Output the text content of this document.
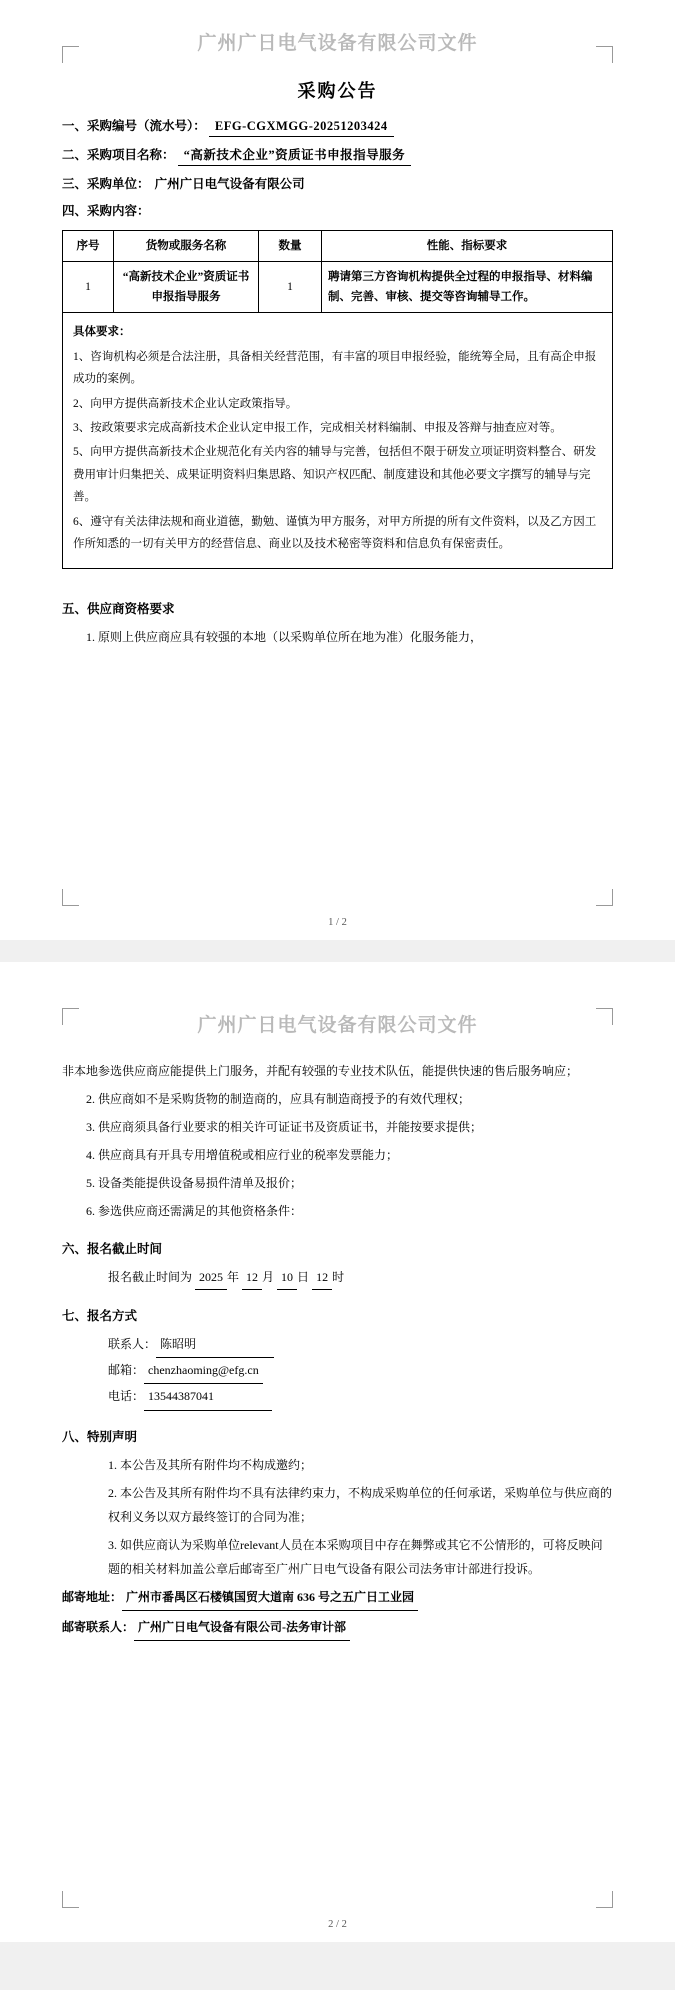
广州广日电气设备有限公司文件
采购公告
一、采购编号（流水号）： EFG-CGXMGG-20251203424
二、采购项目名称： “高新技术企业”资质证书申报指导服务
三、采购单位： 广州广日电气设备有限公司
四、采购内容：
序号	货物或服务名称	数量	性能、指标要求
1	“高新技术企业”资质证书申报指导服务	1	聘请第三方咨询机构提供全过程的申报指导、材料编制、完善、审核、提交等咨询辅导工作。
具体要求：

1、咨询机构必须是合法注册，具备相关经营范围，有丰富的项目申报经验，能统筹全局，且有高企申报成功的案例。

2、向甲方提供高新技术企业认定政策指导。

3、按政策要求完成高新技术企业认定申报工作，完成相关材料编制、申报及答辩与抽查应对等。

5、向甲方提供高新技术企业规范化有关内容的辅导与完善，包括但不限于研发立项证明资料整合、研发费用审计归集把关、成果证明资料归集思路、知识产权匹配、制度建设和其他必要文字撰写的辅导与完善。

6、遵守有关法律法规和商业道德，勤勉、谨慎为甲方服务，对甲方所提的所有文件资料，以及乙方因工作所知悉的一切有关甲方的经营信息、商业以及技术秘密等资料和信息负有保密责任。

五、供应商资格要求
1. 原则上供应商应具有较强的本地（以采购单位所在地为准）化服务能力，
1 / 2
广州广日电气设备有限公司文件
非本地参选供应商应能提供上门服务，并配有较强的专业技术队伍，能提供快速的售后服务响应；
2. 供应商如不是采购货物的制造商的，应具有制造商授予的有效代理权；
3. 供应商须具备行业要求的相关许可证证书及资质证书，并能按要求提供；
4. 供应商具有开具专用增值税或相应行业的税率发票能力；
5. 设备类能提供设备易损件清单及报价；
6. 参选供应商还需满足的其他资格条件：
六、报名截止时间
报名截止时间为 2025 年 12 月 10 日 12 时
七、报名方式
联系人： 陈昭明
邮箱： chenzhaoming@efg.cn
电话： 13544387041
八、特别声明
1. 本公告及其所有附件均不构成邀约；
2. 本公告及其所有附件均不具有法律约束力，不构成采购单位的任何承诺，采购单位与供应商的权利义务以双方最终签订的合同为准；
3. 如供应商认为采购单位relevant人员在本采购项目中存在舞弊或其它不公情形的，可将反映问题的相关材料加盖公章后邮寄至广州广日电气设备有限公司法务审计部进行投诉。
邮寄地址： 广州市番禺区石楼镇国贸大道南 636 号之五广日工业园
邮寄联系人： 广州广日电气设备有限公司-法务审计部
2 / 2
